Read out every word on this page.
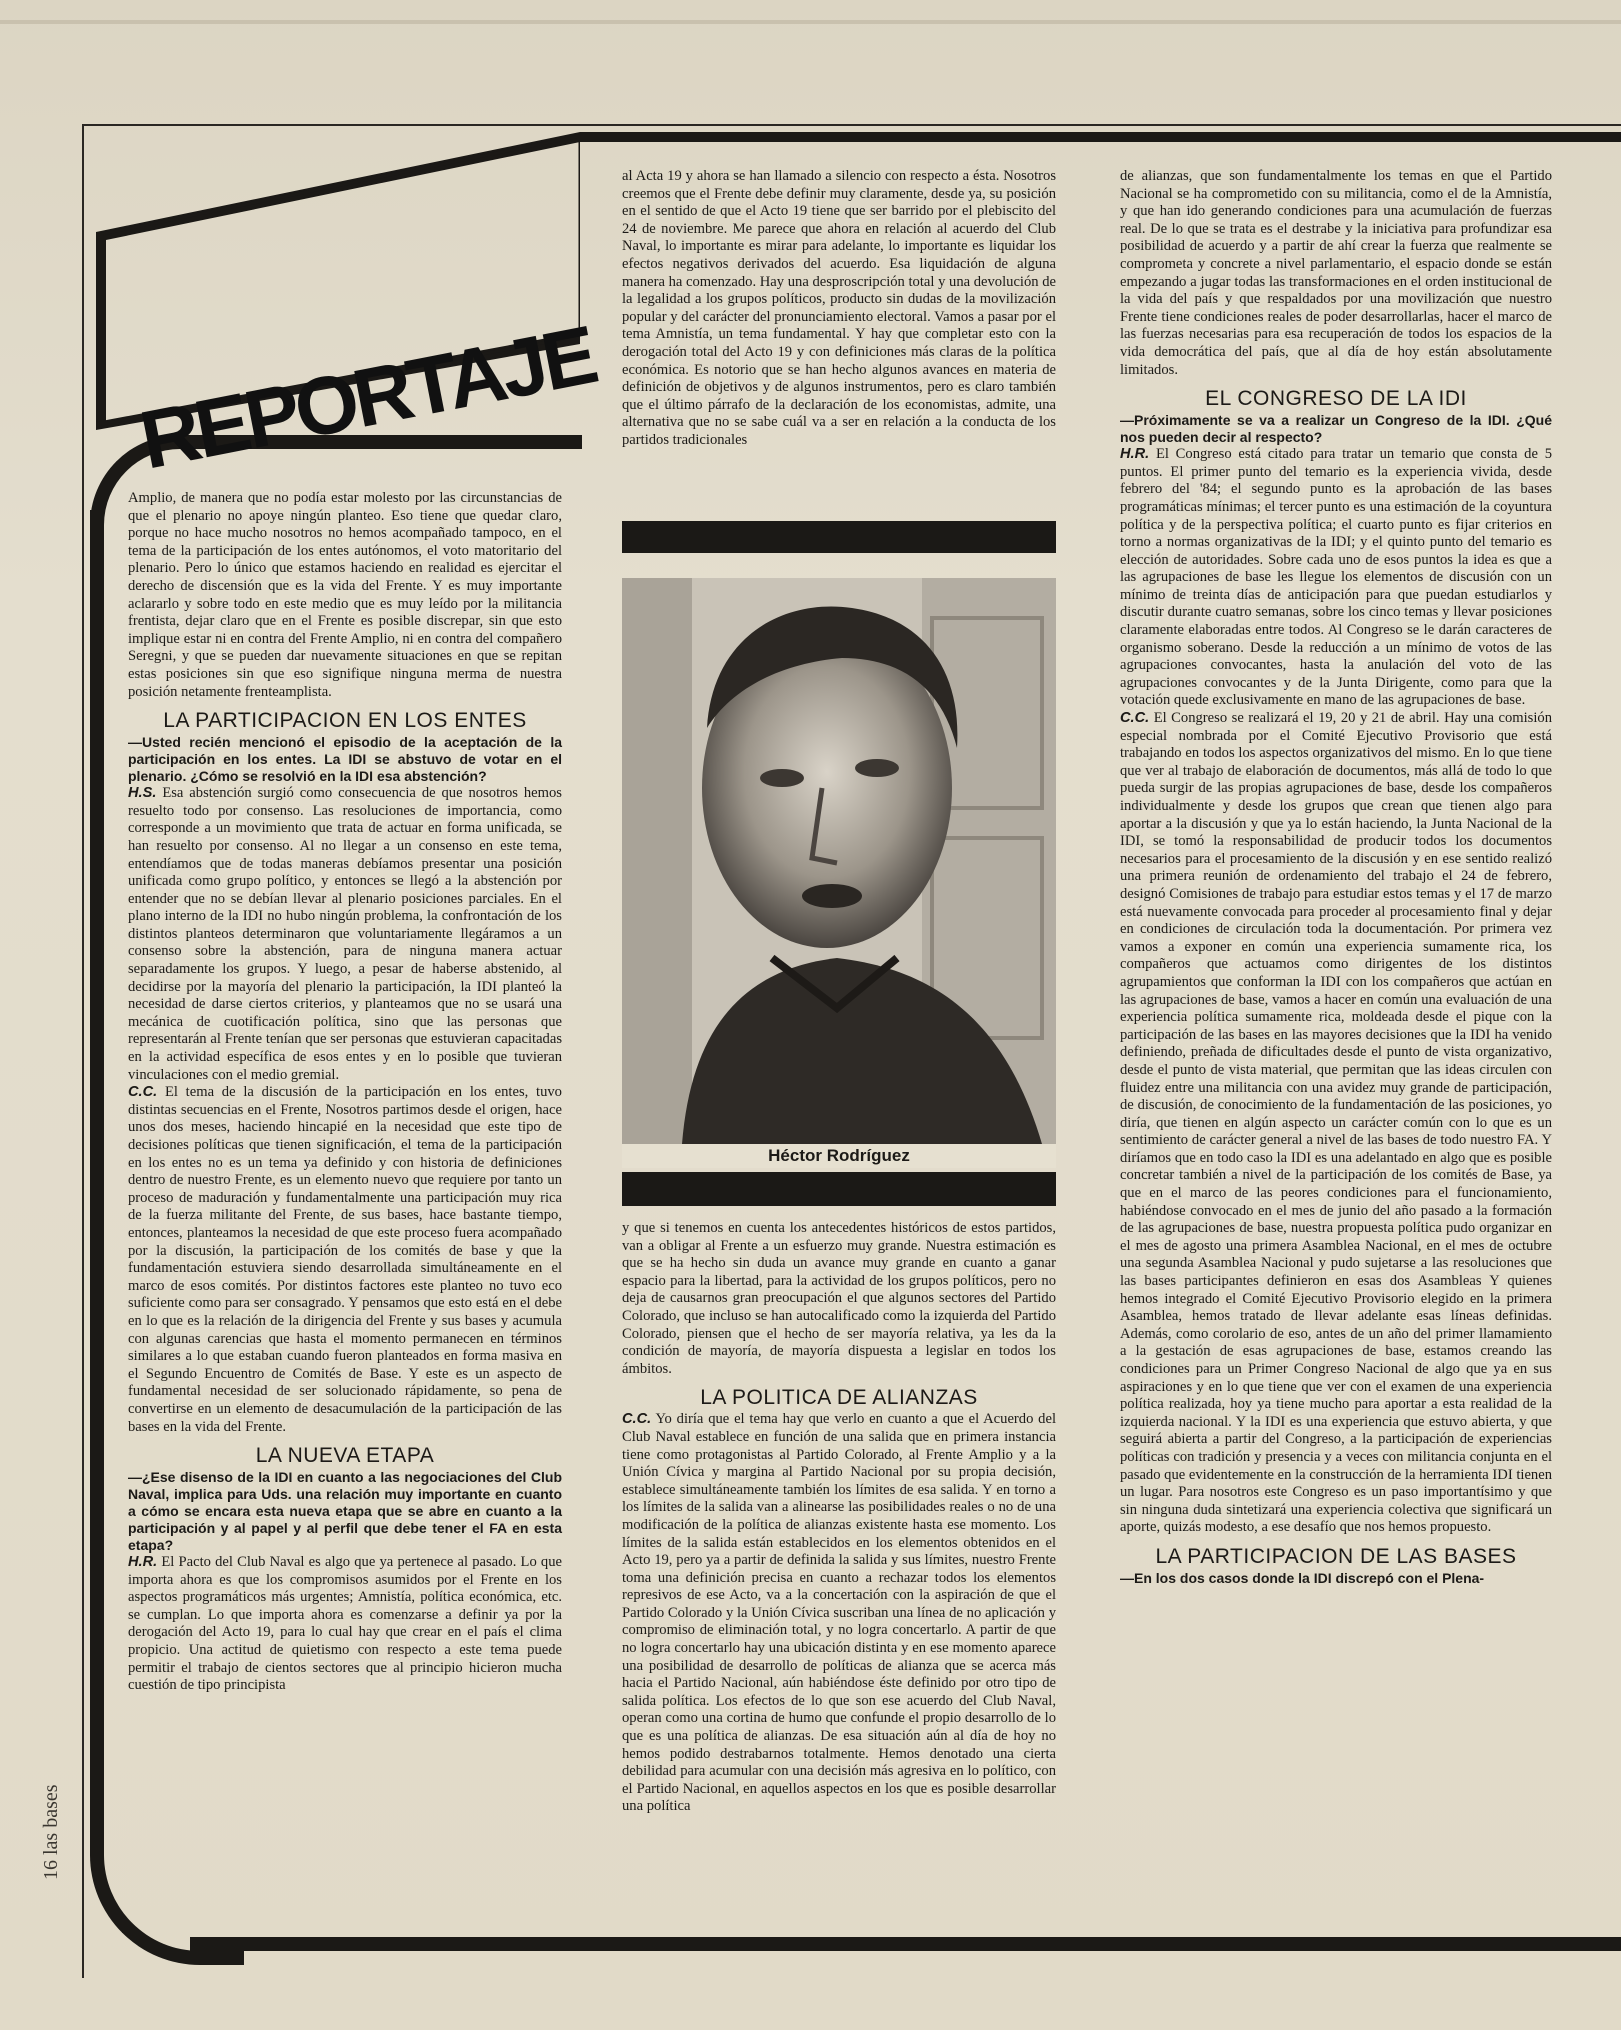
REPORTAJE
16 las bases

Amplio, de manera que no podía estar molesto por las circunstancias de que el plenario no apoye ningún planteo. Eso tiene que quedar claro, porque no hace mucho nosotros no hemos acompañado tampoco, en el tema de la participación de los entes autónomos, el voto matoritario del plenario. Pero lo único que estamos haciendo en realidad es ejercitar el derecho de discensión que es la vida del Frente. Y es muy importante aclararlo y sobre todo en este medio que es muy leído por la militancia frentista, dejar claro que en el Frente es posible discrepar, sin que esto implique estar ni en contra del Frente Amplio, ni en contra del compañero Seregni, y que se pueden dar nuevamente situaciones en que se repitan estas posiciones sin que eso signifique ninguna merma de nuestra posición netamente frenteamplista.

LA PARTICIPACION EN LOS ENTES

—Usted recién mencionó el episodio de la aceptación de la participación en los entes. La IDI se abstuvo de votar en el plenario. ¿Cómo se resolvió en la IDI esa abstención?

H.S. Esa abstención surgió como consecuencia de que nosotros hemos resuelto todo por consenso. Las resoluciones de importancia, como corresponde a un movimiento que trata de actuar en forma unificada, se han resuelto por consenso. Al no llegar a un consenso en este tema, entendíamos que de todas maneras debíamos presentar una posición unificada como grupo político, y entonces se llegó a la abstención por entender que no se debían llevar al plenario posiciones parciales. En el plano interno de la IDI no hubo ningún problema, la confrontación de los distintos planteos determinaron que voluntariamente llegáramos a un consenso sobre la abstención, para de ninguna manera actuar separadamente los grupos. Y luego, a pesar de haberse abstenido, al decidirse por la mayoría del plenario la participación, la IDI planteó la necesidad de darse ciertos criterios, y planteamos que no se usará una mecánica de cuotificación política, sino que las personas que representarán al Frente tenían que ser personas que estuvieran capacitadas en la actividad específica de esos entes y en lo posible que tuvieran vinculaciones con el medio gremial.

C.C. El tema de la discusión de la participación en los entes, tuvo distintas secuencias en el Frente, Nosotros partimos desde el origen, hace unos dos meses, haciendo hincapié en la necesidad que este tipo de decisiones políticas que tienen significación, el tema de la participación en los entes no es un tema ya definido y con historia de definiciones dentro de nuestro Frente, es un elemento nuevo que requiere por tanto un proceso de maduración y fundamentalmente una participación muy rica de la fuerza militante del Frente, de sus bases, hace bastante tiempo, entonces, planteamos la necesidad de que este proceso fuera acompañado por la discusión, la participación de los comités de base y que la fundamentación estuviera siendo desarrollada simultáneamente en el marco de esos comités. Por distintos factores este planteo no tuvo eco suficiente como para ser consagrado. Y pensamos que esto está en el debe en lo que es la relación de la dirigencia del Frente y sus bases y acumula con algunas carencias que hasta el momento permanecen en términos similares a lo que estaban cuando fueron planteados en forma masiva en el Segundo Encuentro de Comités de Base. Y este es un aspecto de fundamental necesidad de ser solucionado rápidamente, so pena de convertirse en un elemento de desacumulación de la participación de las bases en la vida del Frente.

LA NUEVA ETAPA

—¿Ese disenso de la IDI en cuanto a las negociaciones del Club Naval, implica para Uds. una relación muy importante en cuanto a cómo se encara esta nueva etapa que se abre en cuanto a la participación y al papel y al perfil que debe tener el FA en esta etapa?

H.R. El Pacto del Club Naval es algo que ya pertenece al pasado. Lo que importa ahora es que los compromisos asumidos por el Frente en los aspectos programáticos más urgentes; Amnistía, política económica, etc. se cumplan. Lo que importa ahora es comenzarse a definir ya por la derogación del Acto 19, para lo cual hay que crear en el país el clima propicio. Una actitud de quietismo con respecto a este tema puede permitir el trabajo de cientos sectores que al principio hicieron mucha cuestión de tipo principista

al Acta 19 y ahora se han llamado a silencio con respecto a ésta. Nosotros creemos que el Frente debe definir muy claramente, desde ya, su posición en el sentido de que el Acto 19 tiene que ser barrido por el plebiscito del 24 de noviembre. Me parece que ahora en relación al acuerdo del Club Naval, lo importante es mirar para adelante, lo importante es liquidar los efectos negativos derivados del acuerdo. Esa liquidación de alguna manera ha comenzado. Hay una desproscripción total y una devolución de la legalidad a los grupos políticos, producto sin dudas de la movilización popular y del carácter del pronunciamiento electoral. Vamos a pasar por el tema Amnistía, un tema fundamental. Y hay que completar esto con la derogación total del Acto 19 y con definiciones más claras de la política económica. Es notorio que se han hecho algunos avances en materia de definición de objetivos y de algunos instrumentos, pero es claro también que el último párrafo de la declaración de los economistas, admite, una alternativa que no se sabe cuál va a ser en relación a la conducta de los partidos tradicionales

Héctor Rodríguez

y que si tenemos en cuenta los antecedentes históricos de estos partidos, van a obligar al Frente a un esfuerzo muy grande. Nuestra estimación es que se ha hecho sin duda un avance muy grande en cuanto a ganar espacio para la libertad, para la actividad de los grupos políticos, pero no deja de causarnos gran preocupación el que algunos sectores del Partido Colorado, que incluso se han autocalificado como la izquierda del Partido Colorado, piensen que el hecho de ser mayoría relativa, ya les da la condición de mayoría, de mayoría dispuesta a legislar en todos los ámbitos.

LA POLITICA DE ALIANZAS

C.C. Yo diría que el tema hay que verlo en cuanto a que el Acuerdo del Club Naval establece en función de una salida que en primera instancia tiene como protagonistas al Partido Colorado, al Frente Amplio y a la Unión Cívica y margina al Partido Nacional por su propia decisión, establece simultáneamente también los límites de esa salida. Y en torno a los límites de la salida van a alinearse las posibilidades reales o no de una modificación de la política de alianzas existente hasta ese momento. Los límites de la salida están establecidos en los elementos obtenidos en el Acto 19, pero ya a partir de definida la salida y sus límites, nuestro Frente toma una definición precisa en cuanto a rechazar todos los elementos represivos de ese Acto, va a la concertación con la aspiración de que el Partido Colorado y la Unión Cívica suscriban una línea de no aplicación y compromiso de eliminación total, y no logra concertarlo. A partir de que no logra concertarlo hay una ubicación distinta y en ese momento aparece una posibilidad de desarrollo de políticas de alianza que se acerca más hacia el Partido Nacional, aún habiéndose éste definido por otro tipo de salida política. Los efectos de lo que son ese acuerdo del Club Naval, operan como una cortina de humo que confunde el propio desarrollo de lo que es una política de alianzas. De esa situación aún al día de hoy no hemos podido destrabarnos totalmente. Hemos denotado una cierta debilidad para acumular con una decisión más agresiva en lo político, con el Partido Nacional, en aquellos aspectos en los que es posible desarrollar una política

de alianzas, que son fundamentalmente los temas en que el Partido Nacional se ha comprometido con su militancia, como el de la Amnistía, y que han ido generando condiciones para una acumulación de fuerzas real. De lo que se trata es el destrabe y la iniciativa para profundizar esa posibilidad de acuerdo y a partir de ahí crear la fuerza que realmente se comprometa y concrete a nivel parlamentario, el espacio donde se están empezando a jugar todas las transformaciones en el orden institucional de la vida del país y que respaldados por una movilización que nuestro Frente tiene condiciones reales de poder desarrollarlas, hacer el marco de las fuerzas necesarias para esa recuperación de todos los espacios de la vida democrática del país, que al día de hoy están absolutamente limitados.

EL CONGRESO DE LA IDI

—Próximamente se va a realizar un Congreso de la IDI. ¿Qué nos pueden decir al respecto?

H.R. El Congreso está citado para tratar un temario que consta de 5 puntos. El primer punto del temario es la experiencia vivida, desde febrero del '84; el segundo punto es la aprobación de las bases programáticas mínimas; el tercer punto es una estimación de la coyuntura política y de la perspectiva política; el cuarto punto es fijar criterios en torno a normas organizativas de la IDI; y el quinto punto del temario es elección de autoridades. Sobre cada uno de esos puntos la idea es que a las agrupaciones de base les llegue los elementos de discusión con un mínimo de treinta días de anticipación para que puedan estudiarlos y discutir durante cuatro semanas, sobre los cinco temas y llevar posiciones claramente elaboradas entre todos. Al Congreso se le darán caracteres de organismo soberano. Desde la reducción a un mínimo de votos de las agrupaciones convocantes, hasta la anulación del voto de las agrupaciones convocantes y de la Junta Dirigente, como para que la votación quede exclusivamente en mano de las agrupaciones de base.

C.C. El Congreso se realizará el 19, 20 y 21 de abril. Hay una comisión especial nombrada por el Comité Ejecutivo Provisorio que está trabajando en todos los aspectos organizativos del mismo. En lo que tiene que ver al trabajo de elaboración de documentos, más allá de todo lo que pueda surgir de las propias agrupaciones de base, desde los compañeros individualmente y desde los grupos que crean que tienen algo para aportar a la discusión y que ya lo están haciendo, la Junta Nacional de la IDI, se tomó la responsabilidad de producir todos los documentos necesarios para el procesamiento de la discusión y en ese sentido realizó una primera reunión de ordenamiento del trabajo el 24 de febrero, designó Comisiones de trabajo para estudiar estos temas y el 17 de marzo está nuevamente convocada para proceder al procesamiento final y dejar en condiciones de circulación toda la documentación. Por primera vez vamos a exponer en común una experiencia sumamente rica, los compañeros que actuamos como dirigentes de los distintos agrupamientos que conforman la IDI con los compañeros que actúan en las agrupaciones de base, vamos a hacer en común una evaluación de una experiencia política sumamente rica, moldeada desde el pique con la participación de las bases en las mayores decisiones que la IDI ha venido definiendo, preñada de dificultades desde el punto de vista organizativo, desde el punto de vista material, que permitan que las ideas circulen con fluidez entre una militancia con una avidez muy grande de participación, de discusión, de conocimiento de la fundamentación de las posiciones, yo diría, que tienen en algún aspecto un carácter común con lo que es un sentimiento de carácter general a nivel de las bases de todo nuestro FA. Y diríamos que en todo caso la IDI es una adelantado en algo que es posible concretar también a nivel de la participación de los comités de Base, ya que en el marco de las peores condiciones para el funcionamiento, habiéndose convocado en el mes de junio del año pasado a la formación de las agrupaciones de base, nuestra propuesta política pudo organizar en el mes de agosto una primera Asamblea Nacional, en el mes de octubre una segunda Asamblea Nacional y pudo sujetarse a las resoluciones que las bases participantes definieron en esas dos Asambleas Y quienes hemos integrado el Comité Ejecutivo Provisorio elegido en la primera Asamblea, hemos tratado de llevar adelante esas líneas definidas. Además, como corolario de eso, antes de un año del primer llamamiento a la gestación de esas agrupaciones de base, estamos creando las condiciones para un Primer Congreso Nacional de algo que ya en sus aspiraciones y en lo que tiene que ver con el examen de una experiencia política realizada, hoy ya tiene mucho para aportar a esta realidad de la izquierda nacional. Y la IDI es una experiencia que estuvo abierta, y que seguirá abierta a partir del Congreso, a la participación de experiencias políticas con tradición y presencia y a veces con militancia conjunta en el pasado que evidentemente en la construcción de la herramienta IDI tienen un lugar. Para nosotros este Congreso es un paso importantísimo y que sin ninguna duda sintetizará una experiencia colectiva que significará un aporte, quizás modesto, a ese desafío que nos hemos propuesto.

LA PARTICIPACION DE LAS BASES

—En los dos casos donde la IDI discrepó con el Plena-
